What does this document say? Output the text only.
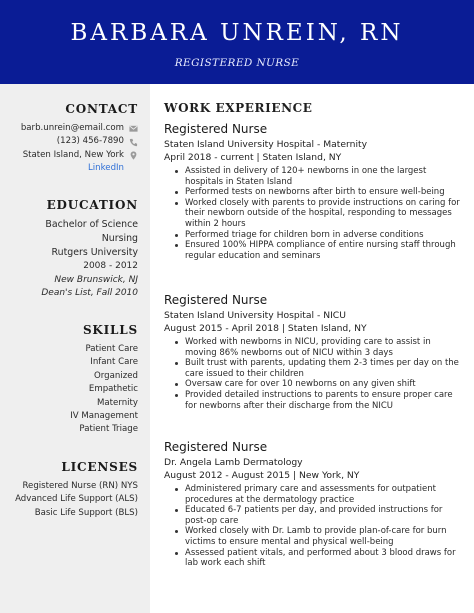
BARBARA UNREIN, RN
REGISTERED NURSE
CONTACT
barb.unrein@email.com
(123) 456-7890
Staten Island, New York
LinkedIn
EDUCATION
Bachelor of Science
Nursing
Rutgers University
2008 - 2012
New Brunswick, NJ
Dean's List, Fall 2010
SKILLS
Patient Care
Infant Care
Organized
Empathetic
Maternity
IV Management
Patient Triage
LICENSES
Registered Nurse (RN) NYS
Advanced Life Support (ALS)
Basic Life Support (BLS)
WORK EXPERIENCE
Registered Nurse
Staten Island University Hospital - Maternity
April 2018 - current | Staten Island, NY
Assisted in delivery of 120+ newborns in one the largest hospitals in Staten Island
Performed tests on newborns after birth to ensure well-being
Worked closely with parents to provide instructions on caring for their newborn outside of the hospital, responding to messages within 2 hours
Performed triage for children born in adverse conditions
Ensured 100% HIPPA compliance of entire nursing staff through regular education and seminars
Registered Nurse
Staten Island University Hospital - NICU
August 2015 - April 2018 | Staten Island, NY
Worked with newborns in NICU, providing care to assist in moving 86% newborns out of NICU within 3 days
Built trust with parents, updating them 2-3 times per day on the care issued to their children
Oversaw care for over 10 newborns on any given shift
Provided detailed instructions to parents to ensure proper care for newborns after their discharge from the NICU
Registered Nurse
Dr. Angela Lamb Dermatology
August 2012 - August 2015 | New York, NY
Administered primary care and assessments for outpatient procedures at the dermatology practice
Educated 6-7 patients per day, and provided instructions for post-op care
Worked closely with Dr. Lamb to provide plan-of-care for burn victims to ensure mental and physical well-being
Assessed patient vitals, and performed about 3 blood draws for lab work each shift
